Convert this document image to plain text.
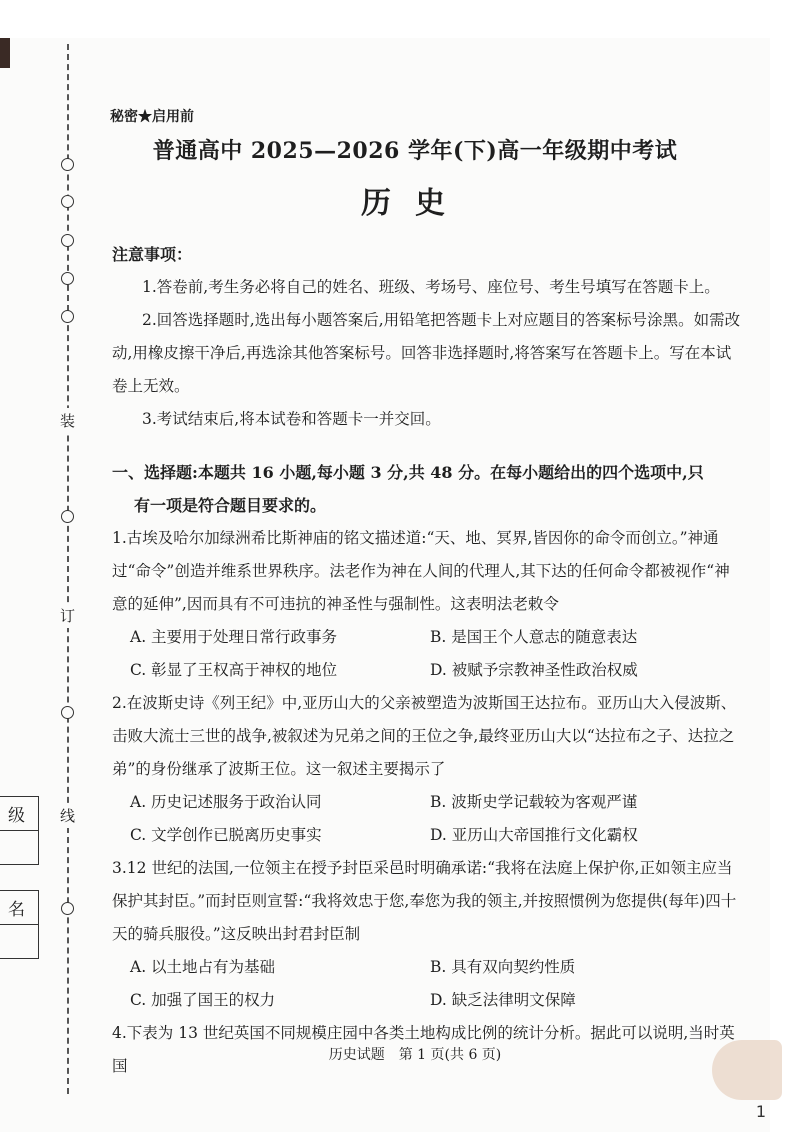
装
订
线
级
名
秘密★启用前
普通高中 2025—2026 学年(下)高一年级期中考试
历史
注意事项：
1.答卷前,考生务必将自己的姓名、班级、考场号、座位号、考生号填写在答题卡上。
2.回答选择题时,选出每小题答案后,用铅笔把答题卡上对应题目的答案标号涂黑。如需改动,用橡皮擦干净后,再选涂其他答案标号。回答非选择题时,将答案写在答题卡上。写在本试卷上无效。
3.考试结束后,将本试卷和答题卡一并交回。
一、选择题:本题共 16 小题,每小题 3 分,共 48 分。在每小题给出的四个选项中,只
有一项是符合题目要求的。
1.古埃及哈尔加绿洲希比斯神庙的铭文描述道:“天、地、冥界,皆因你的命令而创立。”神通过“命令”创造并维系世界秩序。法老作为神在人间的代理人,其下达的任何命令都被视作“神意的延伸”,因而具有不可违抗的神圣性与强制性。这表明法老敕令
A. 主要用于处理日常行政事务	B. 是国王个人意志的随意表达
C. 彰显了王权高于神权的地位	D. 被赋予宗教神圣性政治权威
2.在波斯史诗《列王纪》中,亚历山大的父亲被塑造为波斯国王达拉布。亚历山大入侵波斯、击败大流士三世的战争,被叙述为兄弟之间的王位之争,最终亚历山大以“达拉布之子、达拉之弟”的身份继承了波斯王位。这一叙述主要揭示了
A. 历史记述服务于政治认同	B. 波斯史学记载较为客观严谨
C. 文学创作已脱离历史事实	D. 亚历山大帝国推行文化霸权
3.12 世纪的法国,一位领主在授予封臣采邑时明确承诺:“我将在法庭上保护你,正如领主应当保护其封臣。”而封臣则宣誓:“我将效忠于您,奉您为我的领主,并按照惯例为您提供(每年)四十天的骑兵服役。”这反映出封君封臣制
A. 以土地占有为基础	B. 具有双向契约性质
C. 加强了国王的权力	D. 缺乏法律明文保障
4.下表为 13 世纪英国不同规模庄园中各类土地构成比例的统计分析。据此可以说明,当时英国
历史试题　第 1 页(共 6 页)
1
